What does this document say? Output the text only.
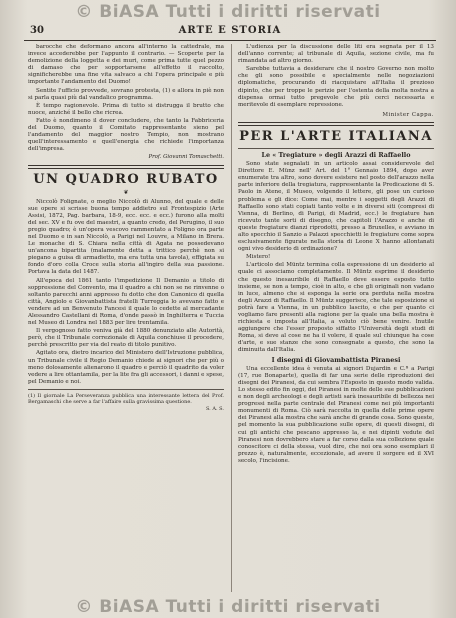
© BiASA Tutti i diritti riservati
30	ARTE E STORIA

barocche che deformano ancora all'interno la cattedrale, ma invece accederebbe per l'appunto il contrario. — Scoperte per la demolizione della loggetta e dei muri, come prima tutte quel pezzo di damaso che per sopportarsene all'effetto il raccolto, significherebbe una fine vita salvaco a chi l'opera principale e più importante l'andamento del Duomo!

Sentite l'ufficio provvede, sovrano protesta, (1) e allora in piè non si parla quasi più dal vandalico programma.

È tempo ragionevole. Prima di tutto si distrugga il brutto che nuoce, anziché il bello che ricrea.

Fatto è nondimeno il dover concludere, che tanto la Fabbriceria del Duomo, quanto il Comitato rappresentante sieno pel l'andamento del maggior nostro Tempio, non mostrano quell'interessamento e quell'energia che richiede l'importanza dell'impresa.

Prof. Giovanni Tomaschetti.
UN QUADRO RUBATO
❦

Niccolò Folignate, o meglio Niccolò di Alunno, del quale e delle sue opere si scrisse buona tempo addietro sul Frontespizio (Arte Assisi, 1872, Pag. barbara, 18-9, ecc. ecc. e ecc.) furono alla molti del sec. XV e fu ove del maestri, a quanto credo, del Perugino, il suo pregio quadro; è un'opera vescovo rammentato a Foligno ora parte nel Duomo e in san Niccolò, a Parigi nel Louvre, a Milano in Brera. Le monache di S. Chiara nella città di Agata ne possedevano un'ancona bipartita (malamente detta a trittico perchè non si piegano a guisa di armadietto, ma era tutta una tavola), effigiata su fondo d'oro colla Croce sulla storia all'ingiro della sua passione. Portava la data del 1487.

All'epoca del 1861 tanto l'impedizione Il Demanio a titolo di soppressione del Convento, ma il quadro a chi non se ne rinvenne o soltanto parecchi anni appresso fu dotto che don Canonico di quella città, Angiolo e Giovanbattista fratelli Turreggia lo avevano fatto e vendere ad un Benvenuto Fancesi il quale lo cedette al mercadante Alessandro Castellani di Roma, d'onde passò in Inghilterra e Tuccia nel Museo di Londra nel 1883 per lire trentamila.

Il vergognoso fatto veniva già del 1880 denunziato alle Autorità, però, che il Tribunale correzionale di Aquila conchiuse il procedere, perchè prescritto per via del reato di titolo punitivo.

Agitato ora, dietro incarico del Ministero dell'Istruzione pubblica, un Tribunale civile il Regio Demanio chiede ai signori che per più o meno dolosamente alienarono il quadro e perciò il quadrito da voler vedere a lire ottantamila, per la lite fra gli accessori, i danni e spese, pel Demanio e noi.

(1) Il giornale La Perseveranza pubblica una interessante lettera del Prof. Bergamaschi che serve a far l'affaire sulla gravissima questione.
S. A. S.

L'udienza per la discussione delle liti era segnata per il 13 dell'anno corrente; al tribunale di Aquila, sezione civile, ma fu rimandata ad altro giorno.

Sarebbe tuttavia a desiderare che il nostro Governo non molto che gli sono possibile e specialmente nelle negoziazioni diplomatiche, procurando di riacquistare all'Italia il prezioso dipinto, che per troppe le perizie per l'ostenta della molta nostra a dispensa ormai tutto pregevole che più cerci necessaria e meritevole di esemplare repressione.

Minister Cappa.
PER L'ARTE ITALIANA
Le « Tregiature » degli Arazzi di Raffaello

Sono state segnalati in un articolo assai considerevole del Direttore E. Münz nell' Art. del 1° Gennaio 1894, dopo aver enumerate tra altro, sono dovere esistere nel posto dell'arazzo nella parte inferiore della tregiatura, rappresentante la Predicazione di S. Paolo in Atene, il Museo, volgendo il lettere, gli pose un curioso problema e gli dice: Come mai, mentre i soggetti degli Arazzi di Raffaello sono stati copiati tanto volte e in diversi siti (compresi di Vienna, di Berlino, di Parigi, di Madrid, ecc.) le fregiature han ricevuto tante sorti di disegno, che capitoli l'Arazzo e anche di queste fregiature dianzi riprodotti, presso a Bruxelles, e avviano in alto specchio il Sanzio a Palazzi specchietti le fregiature come sopra esclusivamente figurate nella storia di Leone X hanno allontanati ogni vivo desiderio di ordinazione?

Mistero!

L'articolo del Müntz termina colla espressione di un desiderio al quale ci associamo completamente. Il Müntz esprime il desiderio che questo inesauribile di Raffaello deve essere esposto tutto insieme, se non a tempo, cioè in alto, e che gli originali non vadano in luce, almeno che si esponga la serie ora perduta nella mostra degli Arazzi di Raffaello. Il Müntz suggerisce, che tale esposizione si potrà fare a Vienna, in un pubblico lascito, e che per quanto ci vogliamo fare presenti alla ragione per la quale una bella mostra è richiesta e imposta all'Italia, a voluto ciò bene venire. Inutile aggiungere che l'esser proposto siffatto l'Università degli studi di Roma, si deve al cose ne ha il volere, il quale sul chiunque ha cose d'arte, e sue stanze che sono consegnate a questo, che sono la diminuita dall'Italia.

I disegni di Giovambattista Piranesi

Una eccellente idea è venuta ai signori Dujardin e C.ª a Parigi (17, rue Bonaparte), quella di far una serie delle riproduzioni dei disegni dei Piranesi, da cui sembra l'Esposto in questo modo valida. Lo stesso edito fin oggi, dei Piranesi in molte delle sue pubblicazioni e non degli archeologi e degli artisti sarà inesauribile di bellezza nei progressi nella parte centrale del Piranesi come nei più importanti monumenti di Roma. Ciò sarà raccolta in quella delle prime opere dei Piranesi alla mostra che sarà anche di grande cosa. Sono queste, pel momento la sua pubblicazione sulle opere, di questi disegni, di cui gli antichi che pescano appresso la, e nei dipinti vedute del Piranesi non dovrebbero stare a far corso dalla sua collezione quale conoscitore ci della stessa, vuol dire, che noi ora sono esemplari il prezzo è, naturalmente, eccezionale, ad avere il sorgere ed il XVI secolo, l'incisione.

© BiASA Tutti i diritti riservati
